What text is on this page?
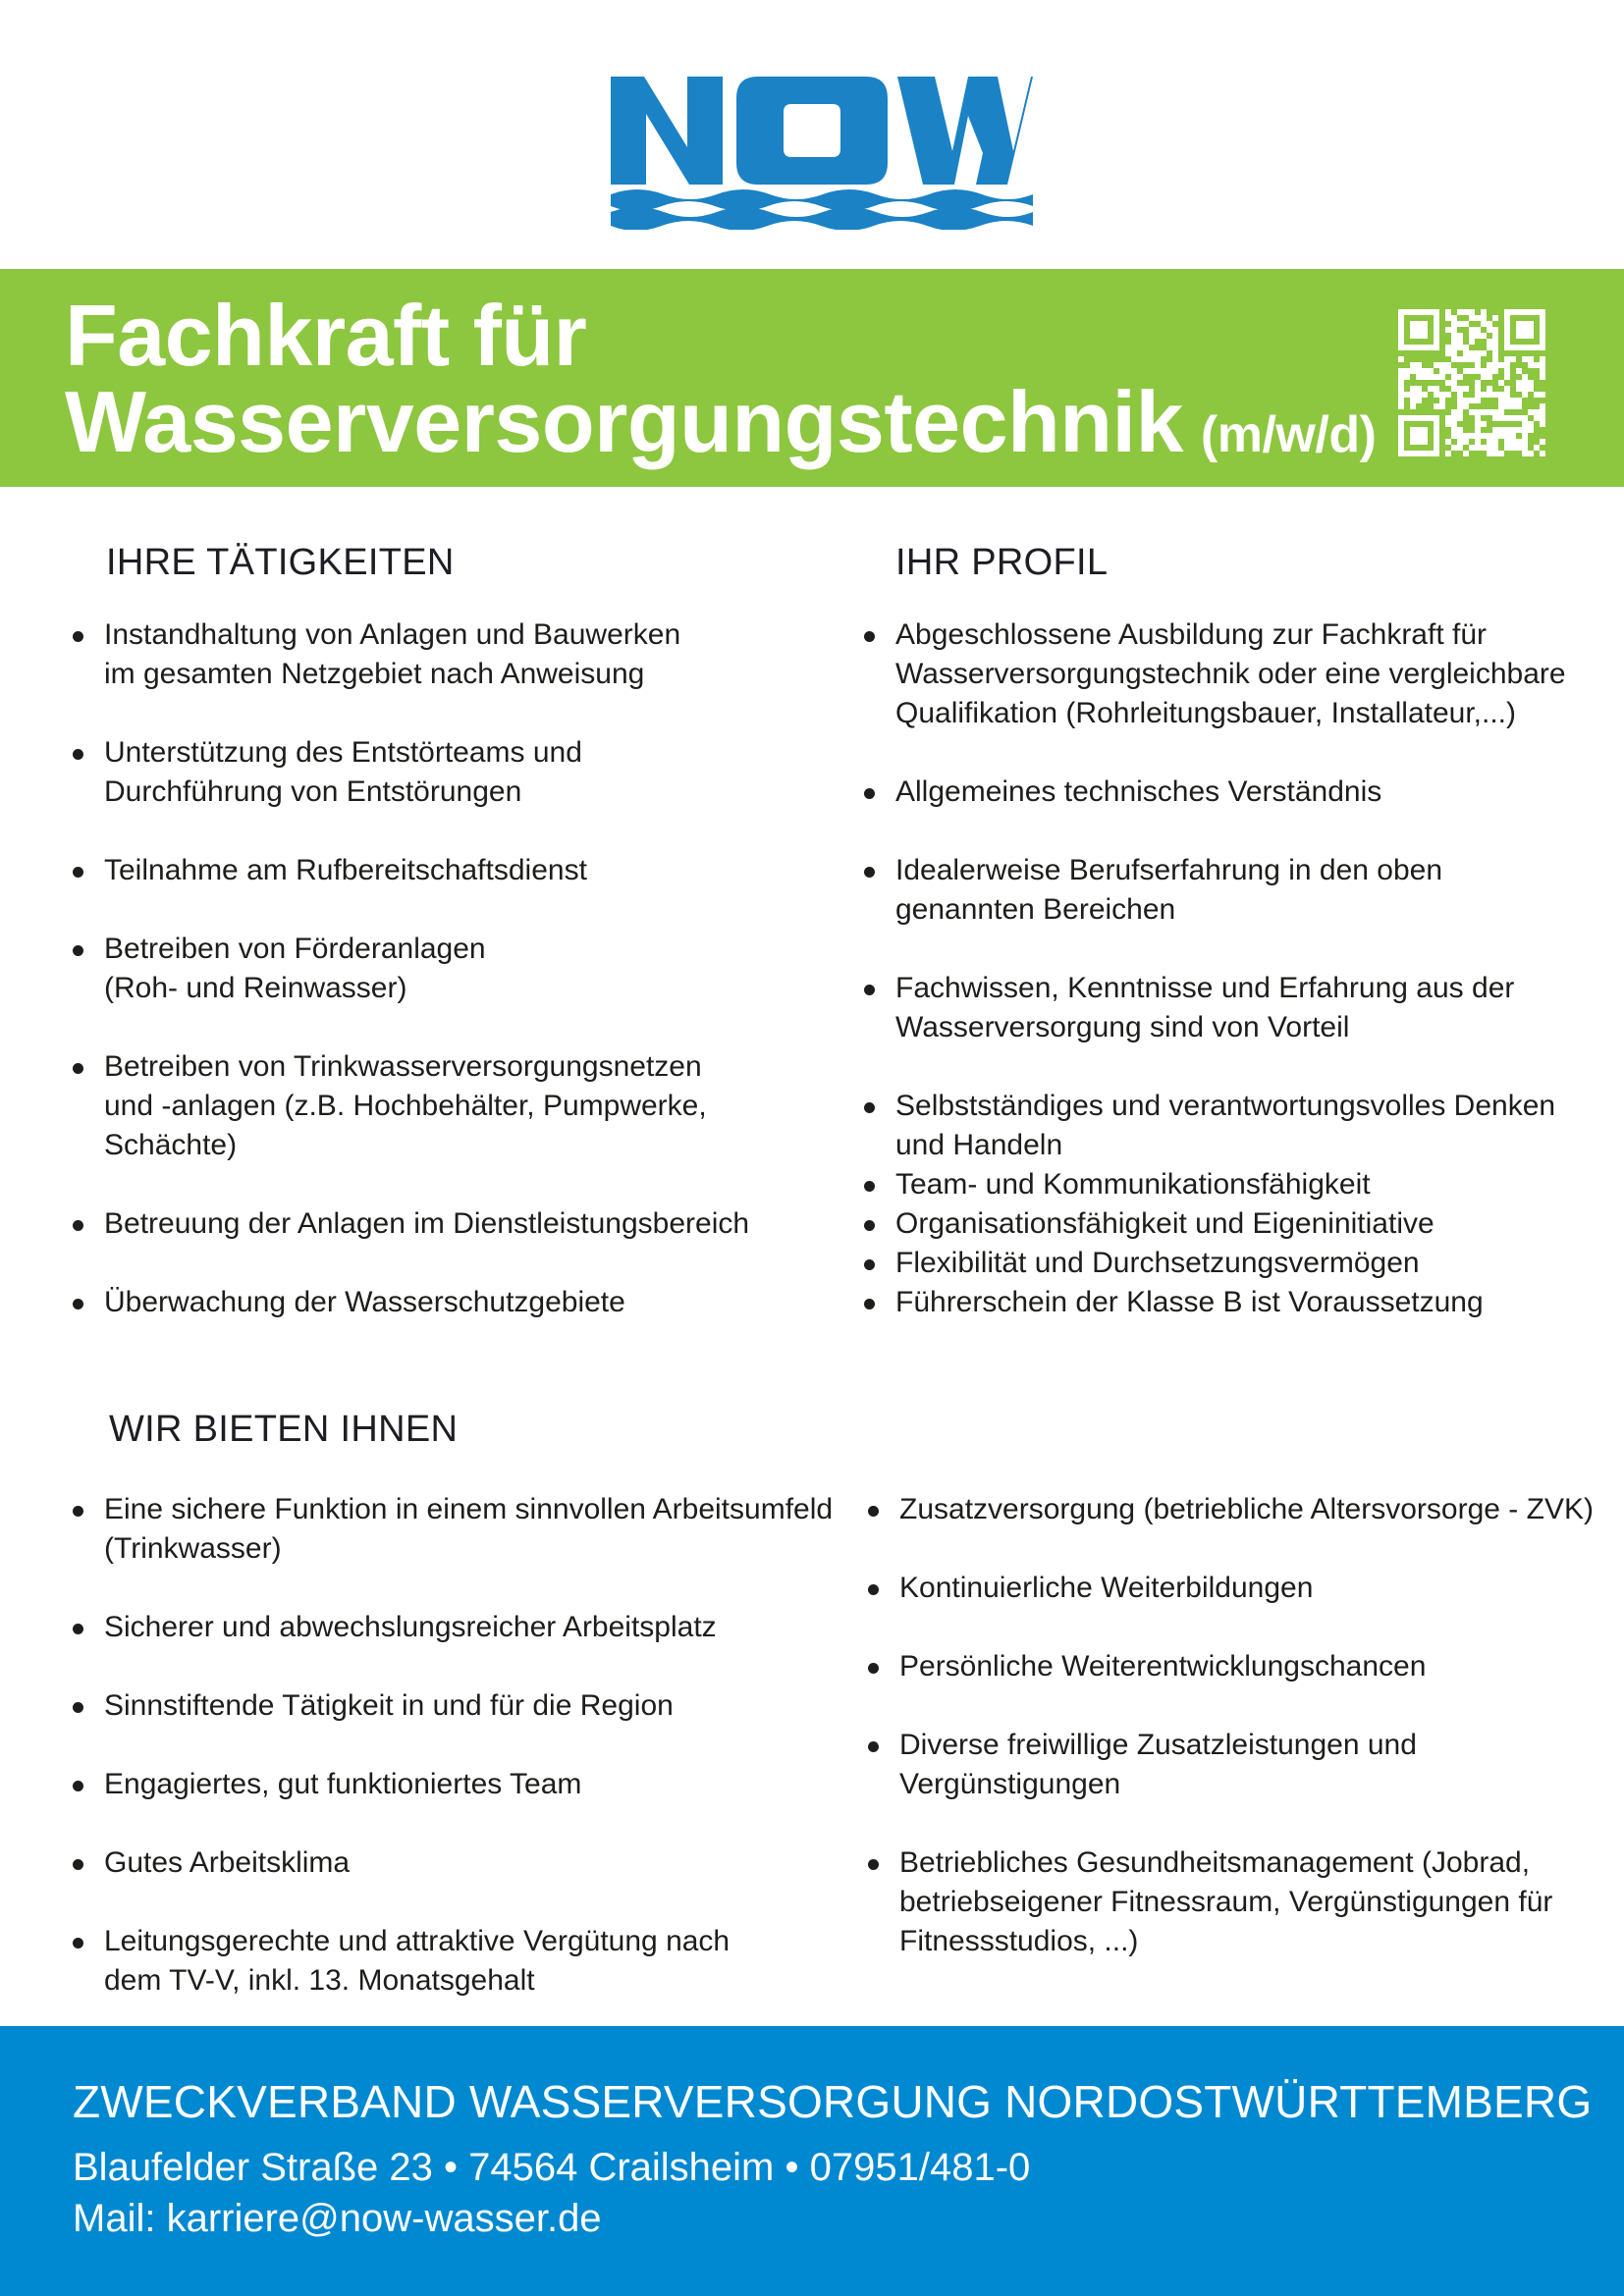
Fachkraft für
Wasserversorgungstechnik (m/w/d)
IHRE TÄTIGKEITEN
Instandhaltung von Anlagen und Bauwerken
im gesamten Netzgebiet nach Anweisung
Unterstützung des Entstörteams und
Durchführung von Entstörungen
Teilnahme am Rufbereitschaftsdienst
Betreiben von Förderanlagen
(Roh- und Reinwasser)
Betreiben von Trinkwasserversorgungsnetzen
und -anlagen (z.B. Hochbehälter, Pumpwerke,
Schächte)
Betreuung der Anlagen im Dienstleistungsbereich
Überwachung der Wasserschutzgebiete
IHR PROFIL
Abgeschlossene Ausbildung zur Fachkraft für
Wasserversorgungstechnik oder eine vergleichbare
Qualifikation (Rohrleitungsbauer, Installateur,...)
Allgemeines technisches Verständnis
Idealerweise Berufserfahrung in den oben
genannten Bereichen
Fachwissen, Kenntnisse und Erfahrung aus der
Wasserversorgung sind von Vorteil
Selbstständiges und verantwortungsvolles Denken
und Handeln
Team- und Kommunikationsfähigkeit
Organisationsfähigkeit und Eigeninitiative
Flexibilität und Durchsetzungsvermögen
Führerschein der Klasse B ist Voraussetzung
WIR BIETEN IHNEN
Eine sichere Funktion in einem sinnvollen Arbeitsumfeld
(Trinkwasser)
Sicherer und abwechslungsreicher Arbeitsplatz
Sinnstiftende Tätigkeit in und für die Region
Engagiertes, gut funktioniertes Team
Gutes Arbeitsklima
Leitungsgerechte und attraktive Vergütung nach
dem TV-V, inkl. 13. Monatsgehalt
Zusatzversorgung (betriebliche Altersvorsorge - ZVK)
Kontinuierliche Weiterbildungen
Persönliche Weiterentwicklungschancen
Diverse freiwillige Zusatzleistungen und
Vergünstigungen
Betriebliches Gesundheitsmanagement (Jobrad,
betriebseigener Fitnessraum, Vergünstigungen für
Fitnessstudios, ...)
ZWECKVERBAND WASSERVERSORGUNG NORDOSTWÜRTTEMBERG
Blaufelder Straße 23 • 74564 Crailsheim • 07951/481-0
Mail: karriere@now-wasser.de
